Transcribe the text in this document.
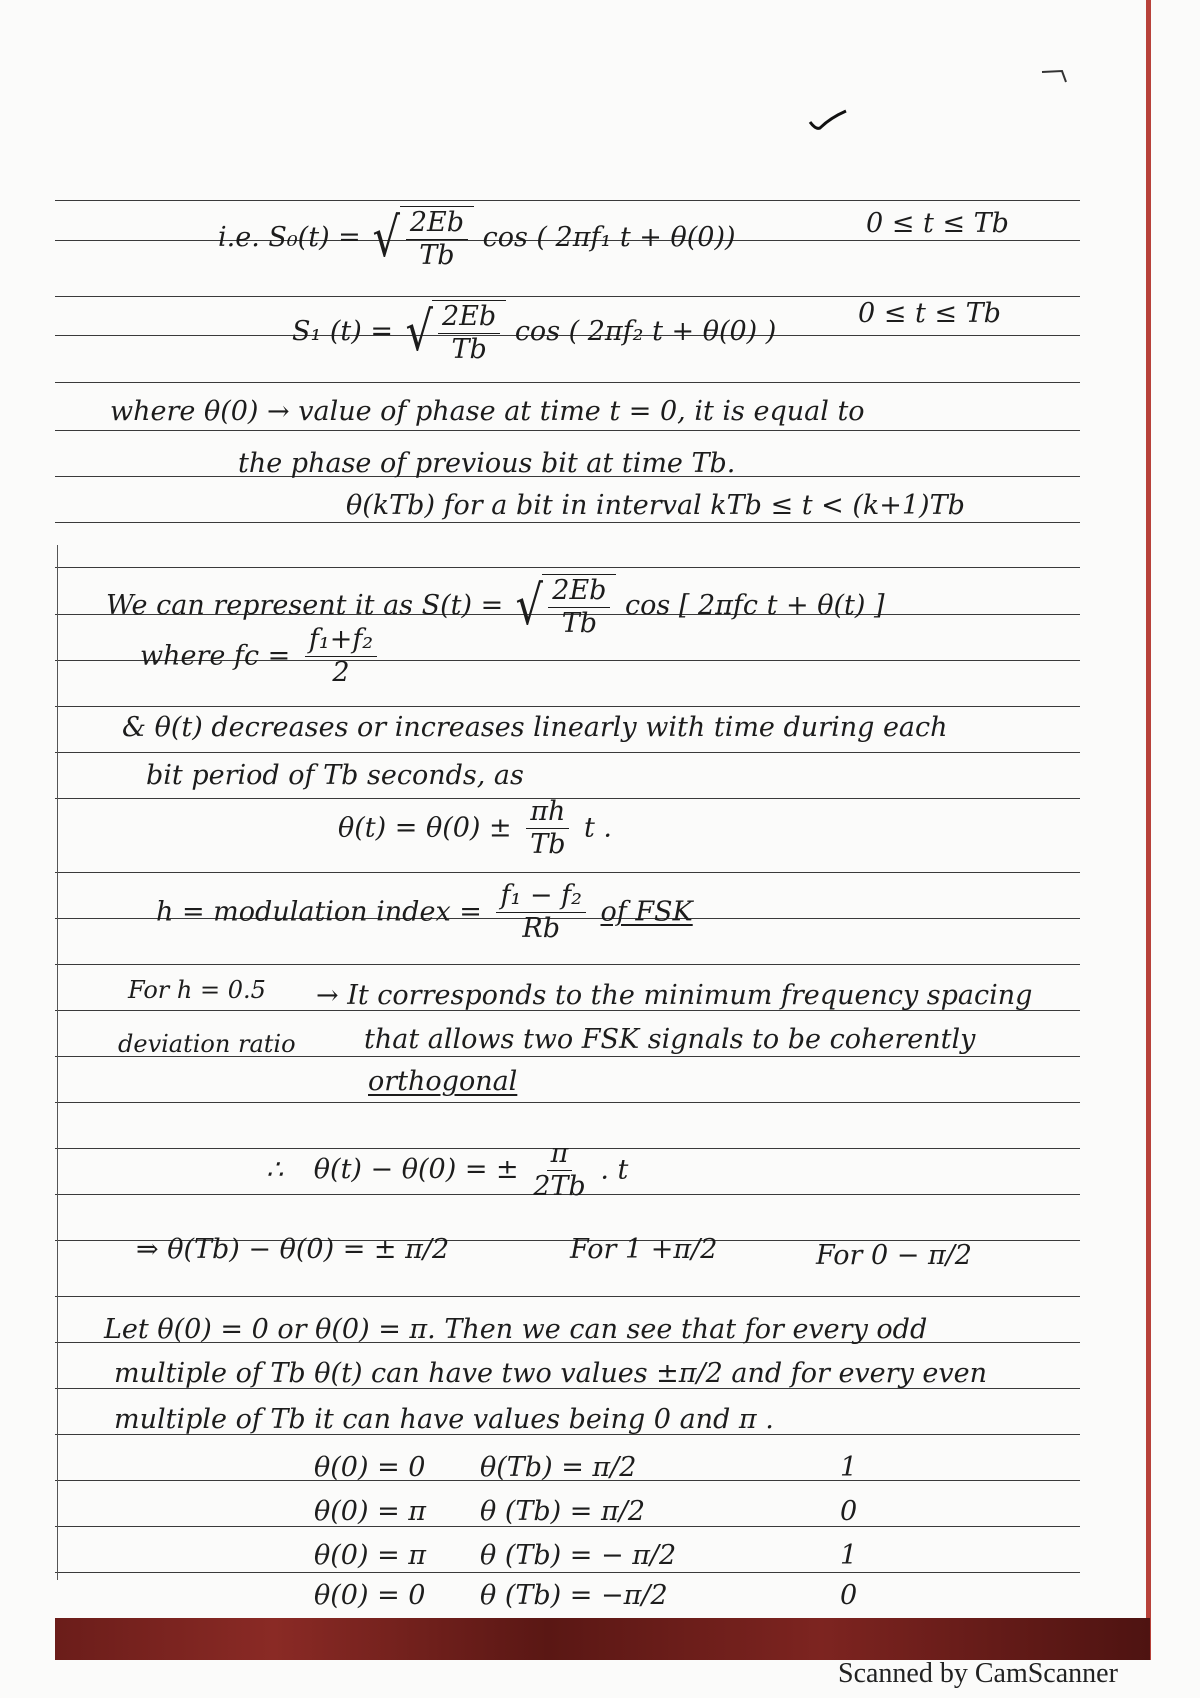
i.e. S₀(t) = √ $\frac{2Eb}{Tb}$ cos ( 2πf₁ t + θ(0))	0 ≤ t ≤ Tb
S₁ (t) = √ $\frac{2Eb}{Tb}$ cos ( 2πf₂ t + θ(0) )
0 ≤ t ≤ Tb
where θ(0) → value of phase at time t = 0, it is equal to
the phase of previous bit at time Tb.
θ(kTb) for a bit in interval kTb ≤ t < (k+1)Tb
We can represent it as S(t) = √ $\frac{2Eb}{Tb}$ cos [ 2πfc t + θ(t) ]
where fc = $\frac{\text{f₁+f₂}}{2}$
& θ(t) decreases or increases linearly with time during each
bit period of Tb seconds, as
$\theta(t) = \theta(0) \pm \frac{\pi h}{Tb}$ t .
h = modulation index = $\frac{\text{f₁ − f₂}}{Rb}$ of FSK
For h = 0.5
deviation ratio
→ It corresponds to the minimum frequency spacing
that allows two FSK signals to be coherently
orthogonal
∴ θ(t) − θ(0) = ± $\frac{\pi}{2Tb}$ . t
⇒ θ(Tb) − θ(0) = ± π/2	For 1 +π/2	For 0 − π/2
Let θ(0) = 0 or θ(0) = π. Then we can see that for every odd
multiple of Tb θ(t) can have two values ±π/2 and for every even
multiple of Tb it can have values being 0 and π .
θ(0) = 0 θ(Tb) = π/2	1
θ(0) = π θ (Tb) = π/2	0
θ(0) = π θ (Tb) = − π/2	1
θ(0) = 0 θ (Tb) = −π/2	0
Scanned by CamScanner
